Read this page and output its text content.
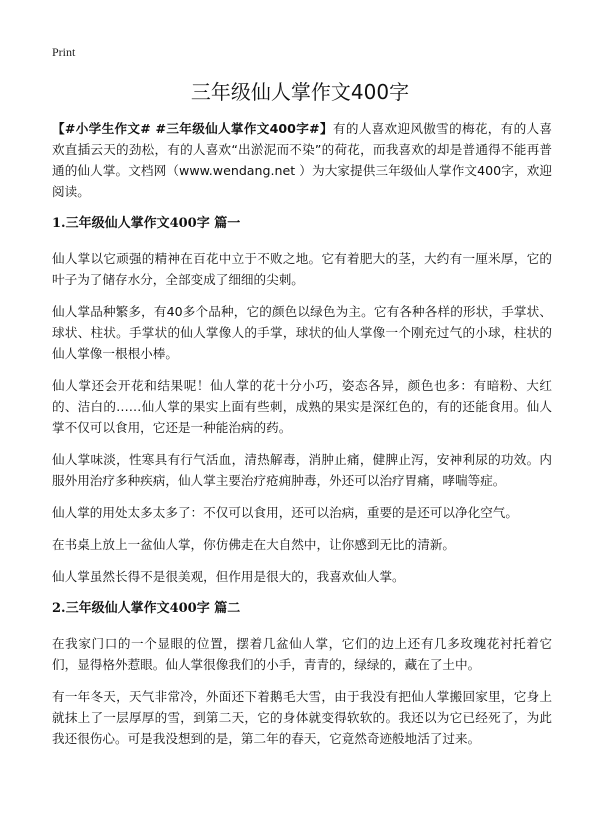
Print
三年级仙人掌作文400字

【#小学生作文# #三年级仙人掌作文400字#】有的人喜欢迎风傲雪的梅花，有的人喜欢直插云天的劲松，有的人喜欢“出淤泥而不染”的荷花，而我喜欢的却是普通得不能再普通的仙人掌。文档网（www.wendang.net ）为大家提供三年级仙人掌作文400字，欢迎阅读。

1.三年级仙人掌作文400字 篇一

仙人掌以它顽强的精神在百花中立于不败之地。它有着肥大的茎，大约有一厘米厚，它的叶子为了储存水分，全部变成了细细的尖刺。

仙人掌品种繁多，有40多个品种，它的颜色以绿色为主。它有各种各样的形状，手掌状、球状、柱状。手掌状的仙人掌像人的手掌，球状的仙人掌像一个刚充过气的小球，柱状的仙人掌像一根根小棒。

仙人掌还会开花和结果呢！仙人掌的花十分小巧，姿态各异，颜色也多：有暗粉、大红的、洁白的……仙人掌的果实上面有些刺，成熟的果实是深红色的，有的还能食用。仙人掌不仅可以食用，它还是一种能治病的药。

仙人掌味淡，性寒具有行气活血，清热解毒，消肿止痛，健脾止泻，安神利尿的功效。内服外用治疗多种疾病，仙人掌主要治疗疮痈肿毒，外还可以治疗胃痛，哮喘等症。

仙人掌的用处太多太多了：不仅可以食用，还可以治病，重要的是还可以净化空气。

在书桌上放上一盆仙人掌，你仿佛走在大自然中，让你感到无比的清新。

仙人掌虽然长得不是很美观，但作用是很大的，我喜欢仙人掌。

2.三年级仙人掌作文400字 篇二

在我家门口的一个显眼的位置，摆着几盆仙人掌，它们的边上还有几多玫瑰花衬托着它们，显得格外惹眼。仙人掌很像我们的小手，青青的，绿绿的，藏在了土中。

有一年冬天，天气非常冷，外面还下着鹅毛大雪，由于我没有把仙人掌搬回家里，它身上就抹上了一层厚厚的雪，到第二天，它的身体就变得软软的。我还以为它已经死了，为此我还很伤心。可是我没想到的是，第二年的春天，它竟然奇迹般地活了过来。
